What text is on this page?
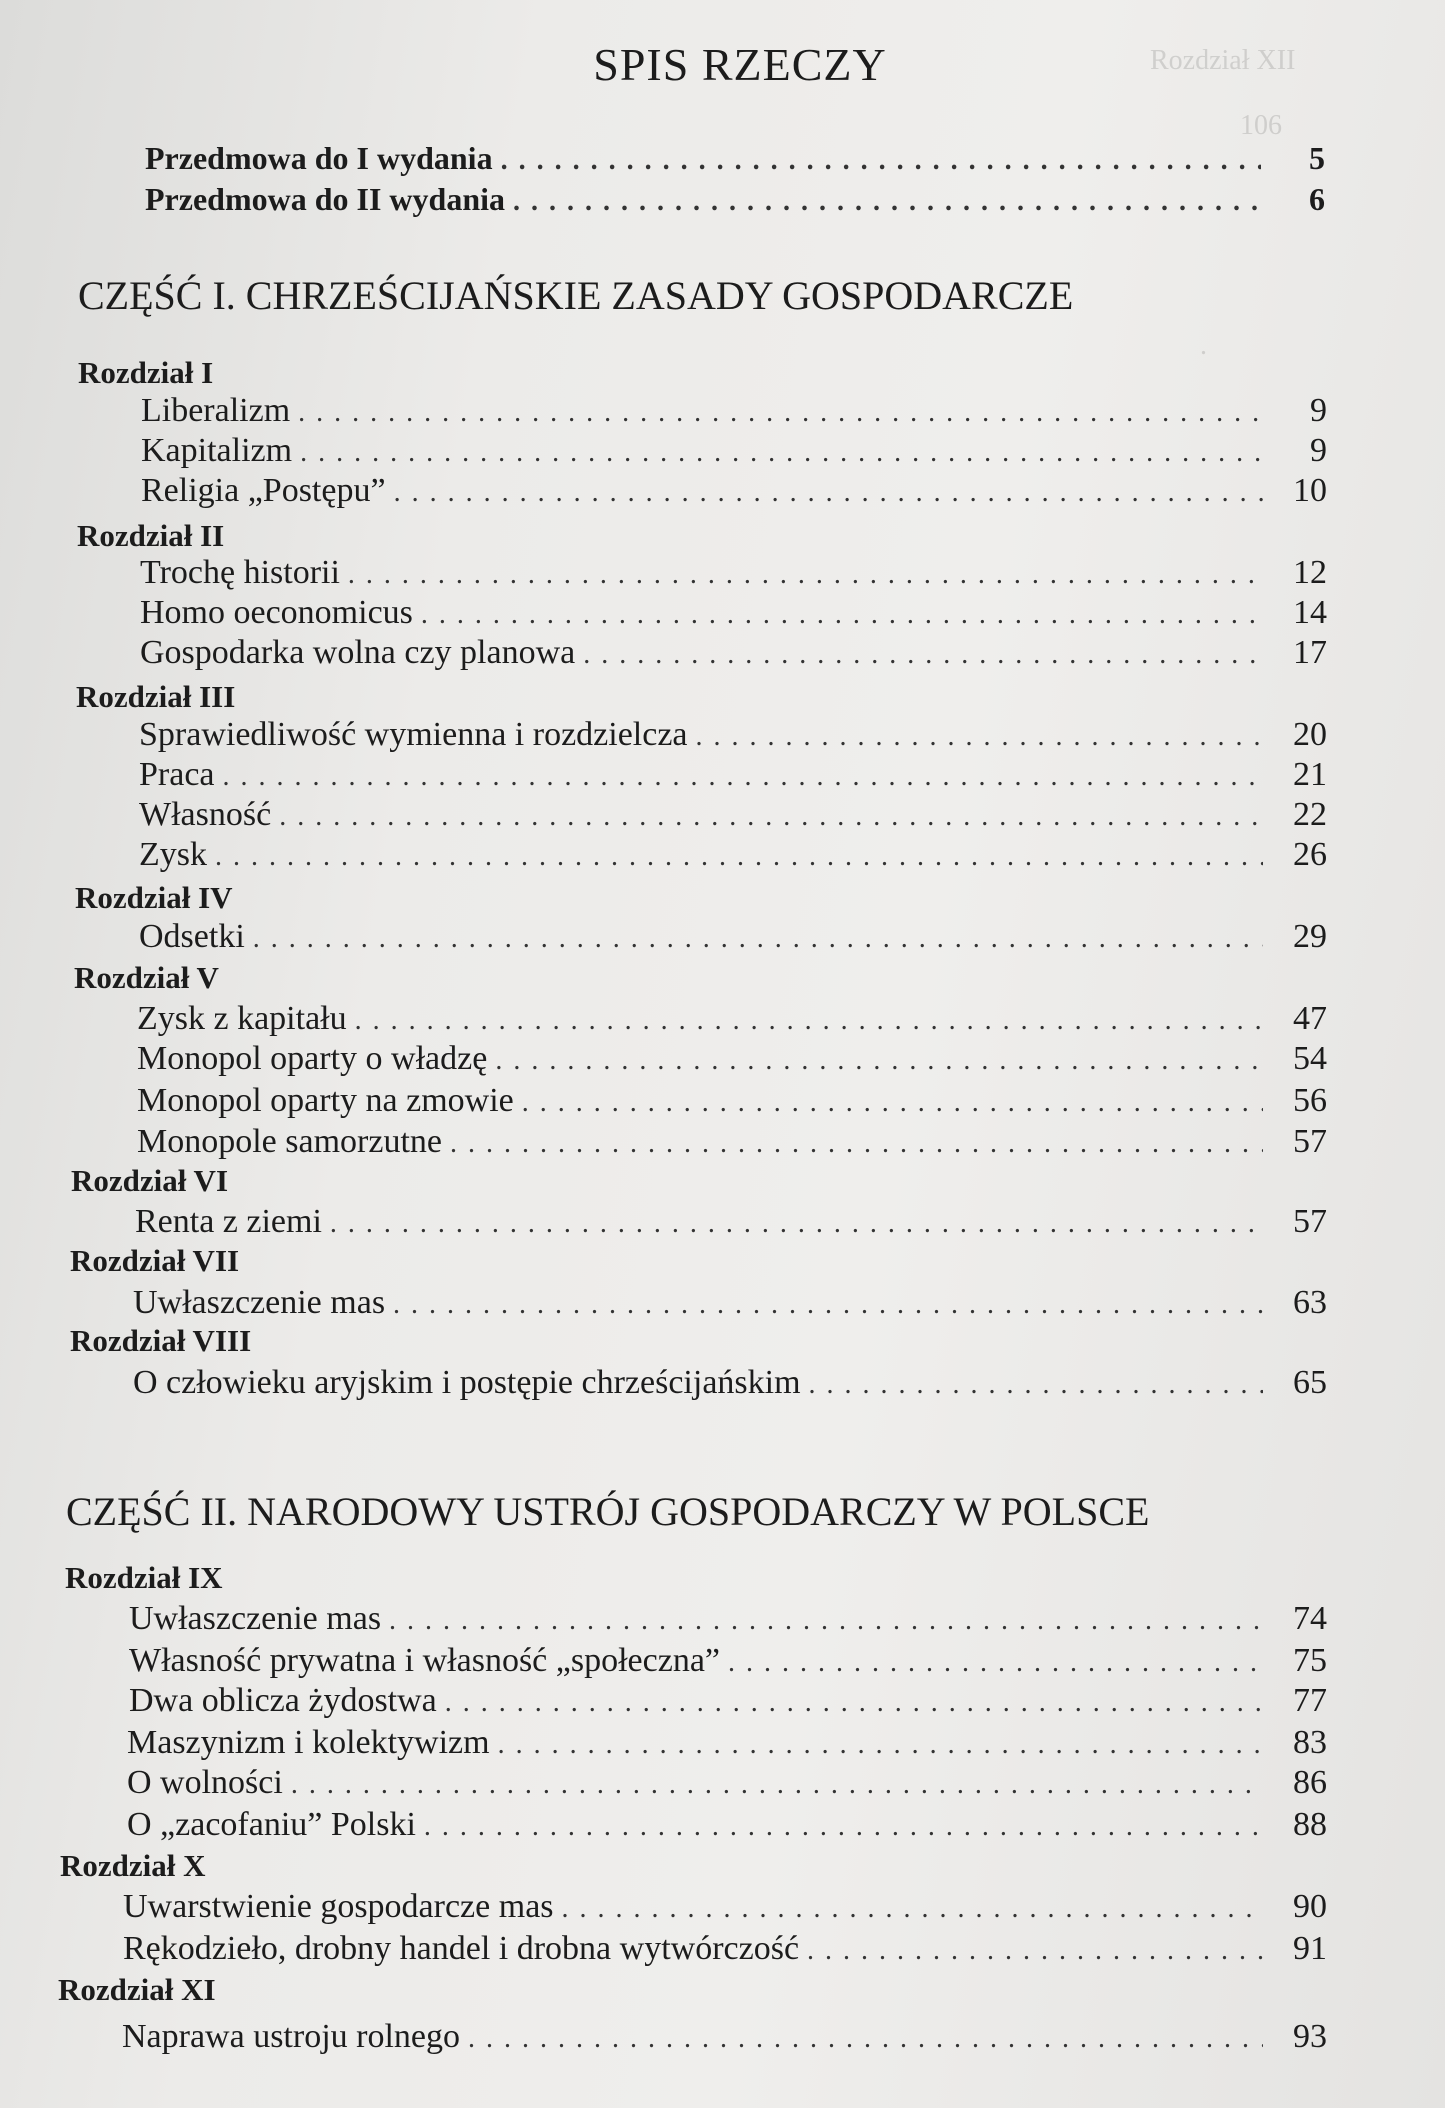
Rozdział XII
106
.
SPIS RZECZY
Przedmowa do I wydania . . .	5
Przedmowa do II wydania . . .	6
CZĘŚĆ I. CHRZEŚCIJAŃSKIE ZASADY GOSPODARCZE
Rozdział I
Liberalizm . . .	9
Kapitalizm . . .	9
Religia „Postępu” . . .	10
Rozdział II
Trochę historii . . .	12
Homo oeconomicus . . .	14
Gospodarka wolna czy planowa . . .	17
Rozdział III
Sprawiedliwość wymienna i rozdzielcza . . .	20
Praca . . .	21
Własność . . .	22
Zysk . . .	26
Rozdział IV
Odsetki . . .	29
Rozdział V
Zysk z kapitału . . .	47
Monopol oparty o władzę . . .	54
Monopol oparty na zmowie . . .	56
Monopole samorzutne . . .	57
Rozdział VI
Renta z ziemi . . .	57
Rozdział VII
Uwłaszczenie mas . . .	63
Rozdział VIII
O człowieku aryjskim i postępie chrześcijańskim . . .	65
CZĘŚĆ II. NARODOWY USTRÓJ GOSPODARCZY W POLSCE
Rozdział IX
Uwłaszczenie mas . . .	74
Własność prywatna i własność „społeczna” . . .	75
Dwa oblicza żydostwa . . .	77
Maszynizm i kolektywizm . . .	83
O wolności . . .	86
O „zacofaniu” Polski . . .	88
Rozdział X
Uwarstwienie gospodarcze mas . . .	90
Rękodzieło, drobny handel i drobna wytwórczość . . .	91
Rozdział XI
Naprawa ustroju rolnego . . .	93
